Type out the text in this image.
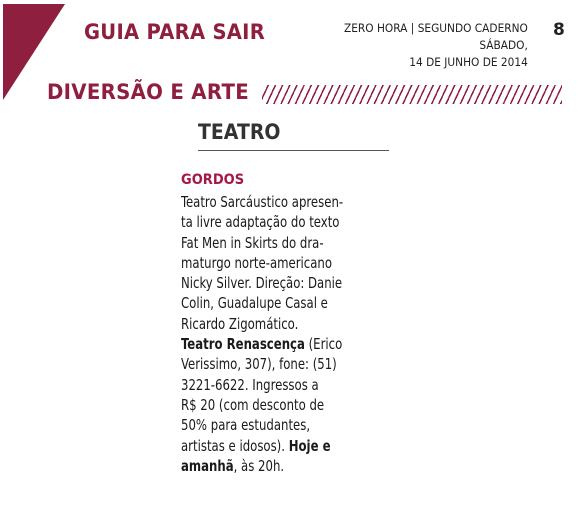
GUIA PARA SAIR	ZERO HORA | SEGUNDO CADERNO
SÁBADO,
14 DE JUNHO DE 2014
8
DIVERSÃO E ARTE
TEATRO
GORDOS
Teatro Sarcáustico apresen-
ta livre adaptação do texto
Fat Men in Skirts do dra-
maturgo norte-americano
Nicky Silver. Direção: Danie
Colin, Guadalupe Casal e
Ricardo Zigomático.
Teatro Renascença (Erico
Verissimo, 307), fone: (51)
3221-6622. Ingressos a
R$ 20 (com desconto de
50% para estudantes,
artistas e idosos). Hoje e
amanhã, às 20h.
